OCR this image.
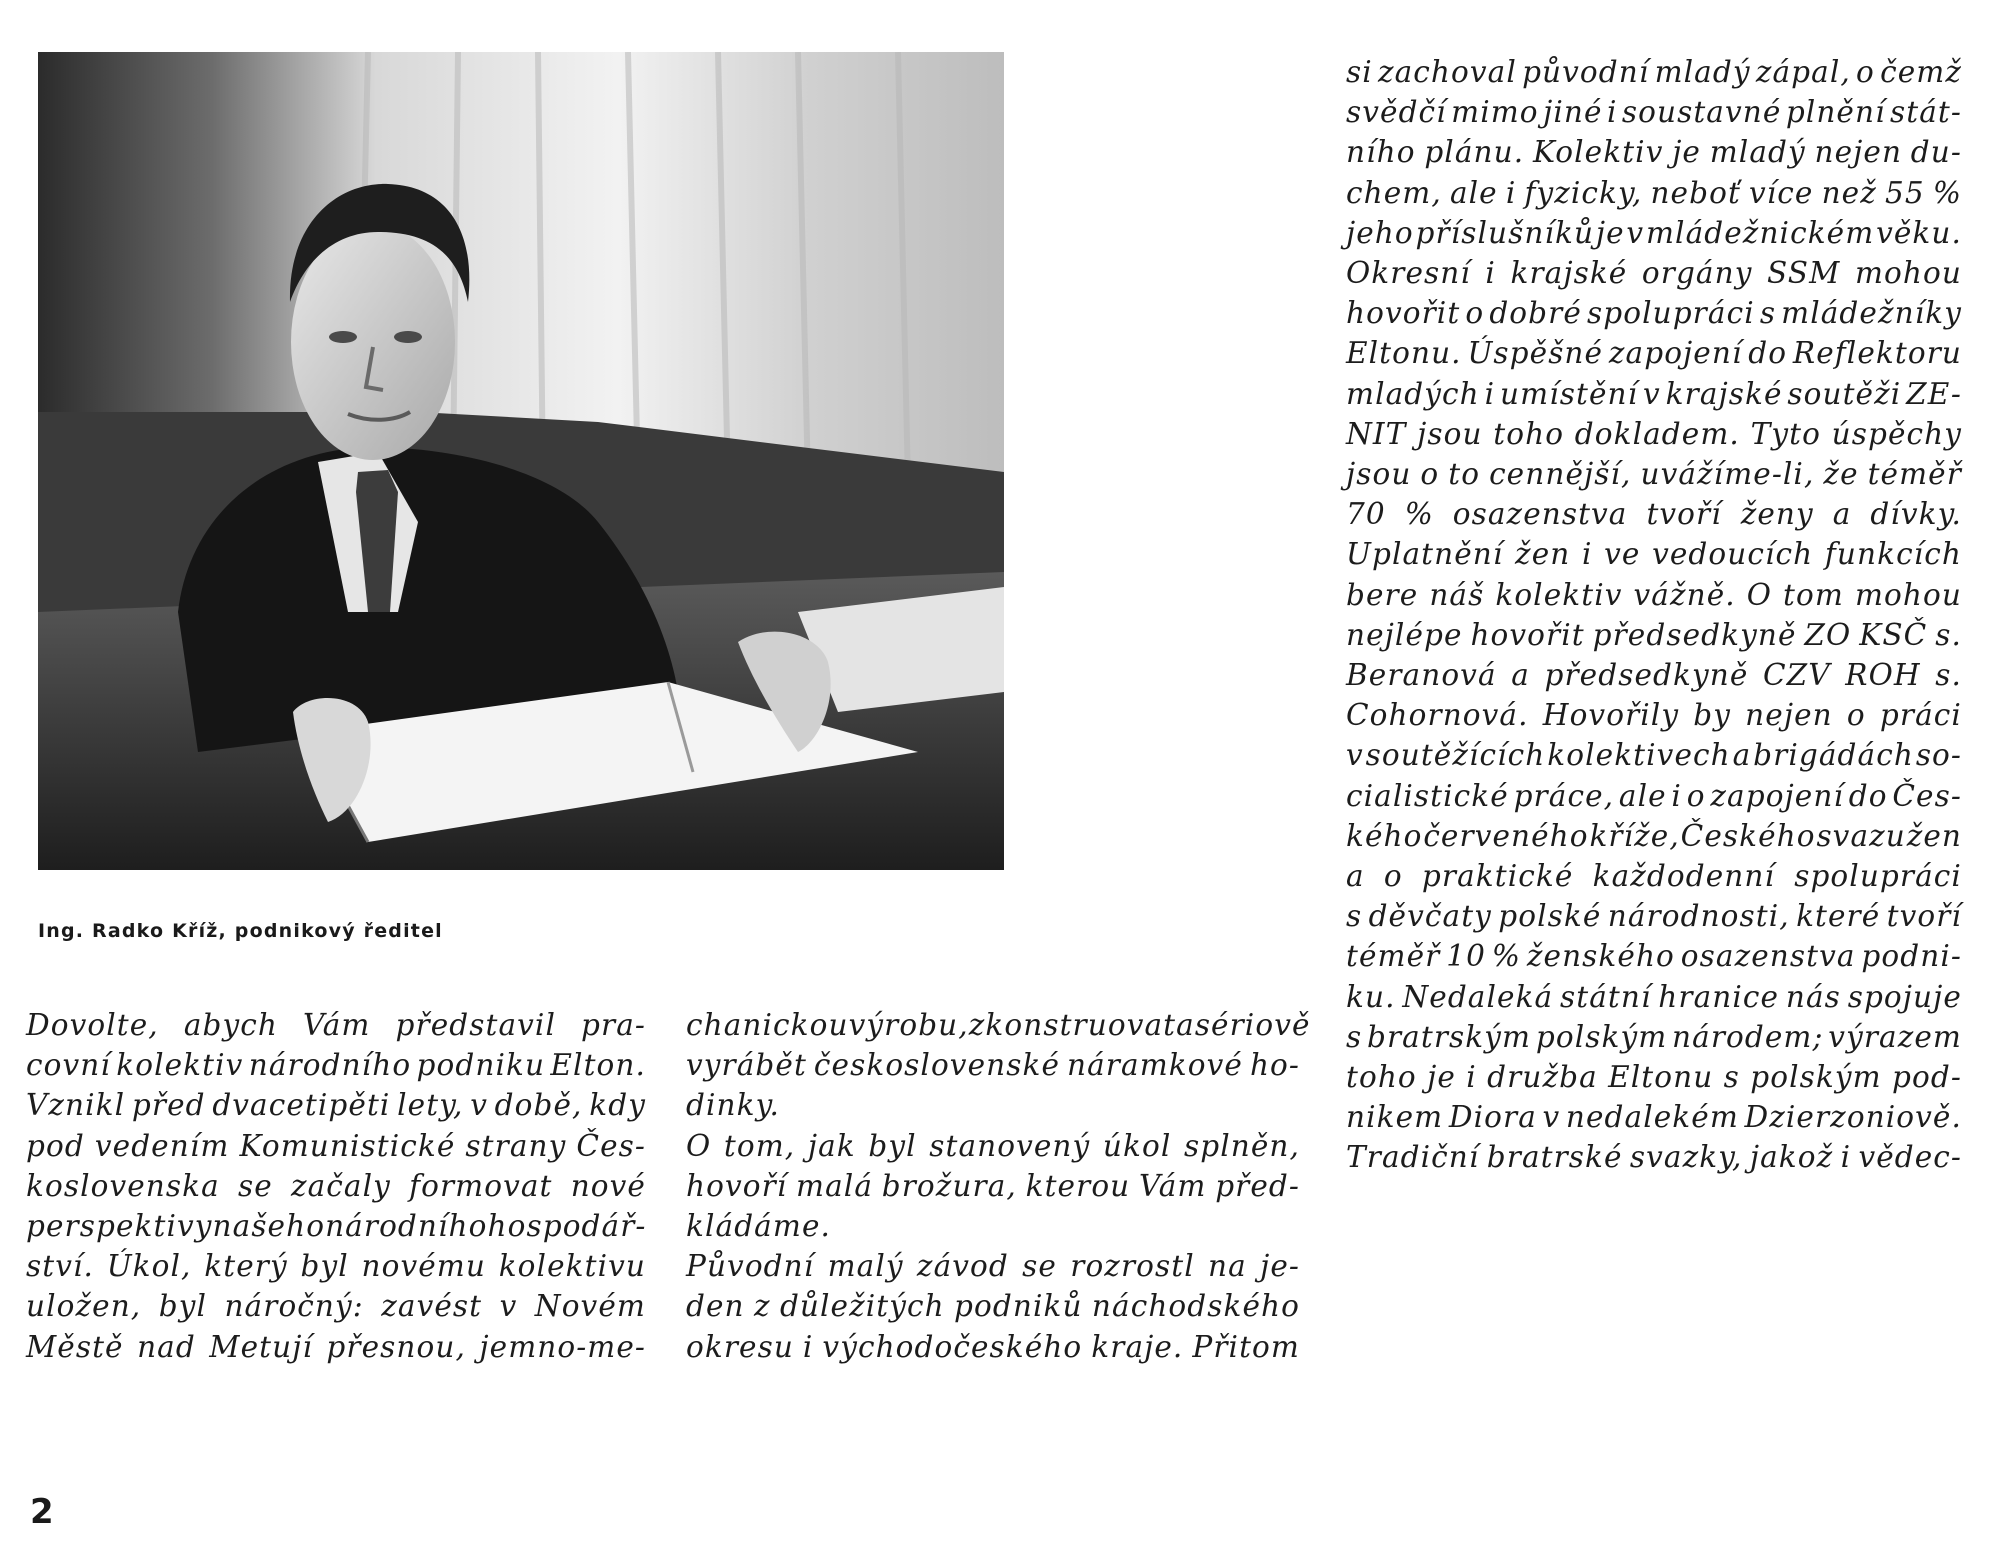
Ing. Radko Kříž, podnikový ředitel
Dovolte, abych Vám představil pra-
covní kolektiv národního podniku Elton.
Vznikl před dvacetipěti lety, v době, kdy
pod vedením Komunistické strany Čes-
koslovenska se začaly formovat nové
perspektivy našeho národního hospodář-
ství. Úkol, který byl novému kolektivu
uložen, byl náročný: zavést v Novém
Městě nad Metují přesnou, jemno-me-
chanickou výrobu, zkonstruovat a sériově
vyrábět československé náramkové ho-
dinky.
O tom, jak byl stanovený úkol splněn,
hovoří malá brožura, kterou Vám před-
kládáme.
Původní malý závod se rozrostl na je-
den z důležitých podniků náchodského
okresu i východočeského kraje. Přitom
si zachoval původní mladý zápal, o čemž
svědčí mimo jiné i soustavné plnění stát-
ního plánu. Kolektiv je mladý nejen du-
chem, ale i fyzicky, neboť více než 55 %
jeho příslušníků je v mládežnickém věku.
Okresní i krajské orgány SSM mohou
hovořit o dobré spolupráci s mládežníky
Eltonu. Úspěšné zapojení do Reflektoru
mladých i umístění v krajské soutěži ZE-
NIT jsou toho dokladem. Tyto úspěchy
jsou o to cennější, uvážíme-li, že téměř
70 % osazenstva tvoří ženy a dívky.
Uplatnění žen i ve vedoucích funkcích
bere náš kolektiv vážně. O tom mohou
nejlépe hovořit předsedkyně ZO KSČ s.
Beranová a předsedkyně CZV ROH s.
Cohornová. Hovořily by nejen o práci
v soutěžících kolektivech a brigádách so-
cialistické práce, ale i o zapojení do Čes-
kého červeného kříže, Českého svazu žen
a o praktické každodenní spolupráci
s děvčaty polské národnosti, které tvoří
téměř 10 % ženského osazenstva podni-
ku. Nedaleká státní hranice nás spojuje
s bratrským polským národem; výrazem
toho je i družba Eltonu s polským pod-
nikem Diora v nedalekém Dzierzoniově.
Tradiční bratrské svazky, jakož i vědec-
2
